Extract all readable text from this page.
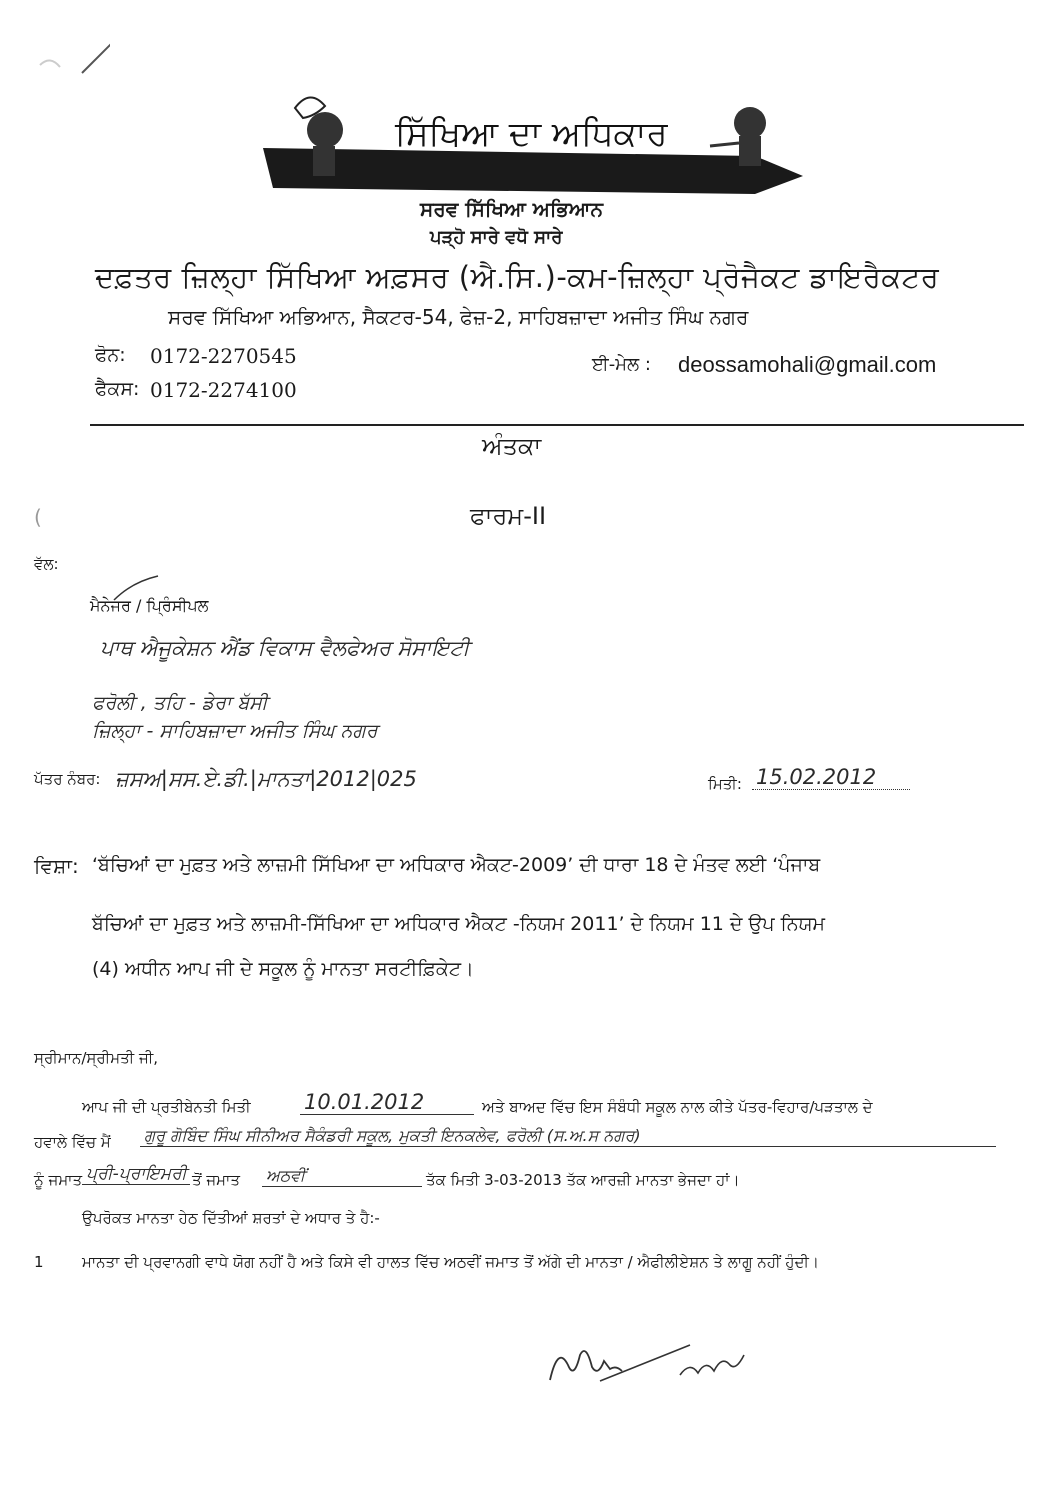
ਸਿੱਖਿਆ ਦਾ ਅਧਿਕਾਰ
ਸਰਵ ਸਿੱਖਿਆ ਅਭਿਆਨ
ਪੜ੍ਹੋ ਸਾਰੇ ਵਧੋ ਸਾਰੇ
ਦਫ਼ਤਰ ਜ਼ਿਲ੍ਹਾ ਸਿੱਖਿਆ ਅਫ਼ਸਰ (ਐ.ਸਿ.)-ਕਮ-ਜ਼ਿਲ੍ਹਾ ਪ੍ਰੋਜੈਕਟ ਡਾਇਰੈਕਟਰ
ਸਰਵ ਸਿੱਖਿਆ ਅਭਿਆਨ, ਸੈਕਟਰ-54, ਫੇਜ਼-2, ਸਾਹਿਬਜ਼ਾਦਾ ਅਜੀਤ ਸਿੰਘ ਨਗਰ
ਫੋਨ: 0172-2270545
ਫੈਕਸ: 0172-2274100
ਈ-ਮੇਲ : deossamohali@gmail.com
ਅੰਤਕਾ
ਫਾਰਮ-II
(
ਵੱਲ:
ਮੈਨੇਜਰ / ਪ੍ਰਿੰਸੀਪਲ
ਪਾਥ ਐਜੂਕੇਸ਼ਨ ਐਂਡ ਵਿਕਾਸ ਵੈਲਫੇਅਰ ਸੋਸਾਇਟੀ
ਫਰੋਲੀ , ਤਹਿ - ਡੇਰਾ ਬੱਸੀ
ਜ਼ਿਲ੍ਹਾ - ਸਾਹਿਬਜ਼ਾਦਾ ਅਜੀਤ ਸਿੰਘ ਨਗਰ
ਪੱਤਰ ਨੰਬਰ: ਜ਼ਸਅ|ਸਸ.ਏ.ਡੀ.|ਮਾਨਤਾ|2012|025	ਮਿਤੀ: 15.02.2012
ਵਿਸ਼ਾ: ‘ਬੱਚਿਆਂ ਦਾ ਮੁਫ਼ਤ ਅਤੇ ਲਾਜ਼ਮੀ ਸਿੱਖਿਆ ਦਾ ਅਧਿਕਾਰ ਐਕਟ-2009’ ਦੀ ਧਾਰਾ 18 ਦੇ ਮੰਤਵ ਲਈ ‘ਪੰਜਾਬ
ਬੱਚਿਆਂ ਦਾ ਮੁਫ਼ਤ ਅਤੇ ਲਾਜ਼ਮੀ-ਸਿੱਖਿਆ ਦਾ ਅਧਿਕਾਰ ਐਕਟ -ਨਿਯਮ 2011’ ਦੇ ਨਿਯਮ 11 ਦੇ ਉਪ ਨਿਯਮ
(4) ਅਧੀਨ ਆਪ ਜੀ ਦੇ ਸਕੂਲ ਨੂੰ ਮਾਨਤਾ ਸਰਟੀਫ਼ਿਕੇਟ।
ਸ੍ਰੀਮਾਨ/ਸ੍ਰੀਮਤੀ ਜੀ,
ਆਪ ਜੀ ਦੀ ਪ੍ਰਤੀਬੇਨਤੀ ਮਿਤੀ	10.01.2012	ਅਤੇ ਬਾਅਦ ਵਿੱਚ ਇਸ ਸੰਬੰਧੀ ਸਕੂਲ ਨਾਲ ਕੀਤੇ ਪੱਤਰ-ਵਿਹਾਰ/ਪੜਤਾਲ ਦੇ
ਹਵਾਲੇ ਵਿੱਚ ਮੈਂ ਗੁਰੂ ਗੋਬਿੰਦ ਸਿੰਘ ਸੀਨੀਅਰ ਸੈਕੰਡਰੀ ਸਕੂਲ, ਮੁਕਤੀ ਇਨਕਲੇਵ, ਫਰੋਲੀ (ਸ.ਅ.ਸ ਨਗਰ)
ਨੂੰ ਜਮਾਤ ਪ੍ਰੀ-ਪ੍ਰਾਇਮਰੀ ਤੋਂ ਜਮਾਤ ਅਠਵੀਂ	ਤੱਕ ਮਿਤੀ 3-03-2013 ਤੱਕ ਆਰਜ਼ੀ ਮਾਨਤਾ ਭੇਜਦਾ ਹਾਂ।
ਉਪਰੋਕਤ ਮਾਨਤਾ ਹੇਠ ਦਿੱਤੀਆਂ ਸ਼ਰਤਾਂ ਦੇ ਅਧਾਰ ਤੇ ਹੈ:-
1	ਮਾਨਤਾ ਦੀ ਪ੍ਰਵਾਨਗੀ ਵਾਧੇ ਯੋਗ ਨਹੀਂ ਹੈ ਅਤੇ ਕਿਸੇ ਵੀ ਹਾਲਤ ਵਿੱਚ ਅਠਵੀਂ ਜਮਾਤ ਤੋਂ ਅੱਗੇ ਦੀ ਮਾਨਤਾ / ਐਫੀਲੀਏਸ਼ਨ ਤੇ ਲਾਗੂ ਨਹੀਂ ਹੁੰਦੀ।
